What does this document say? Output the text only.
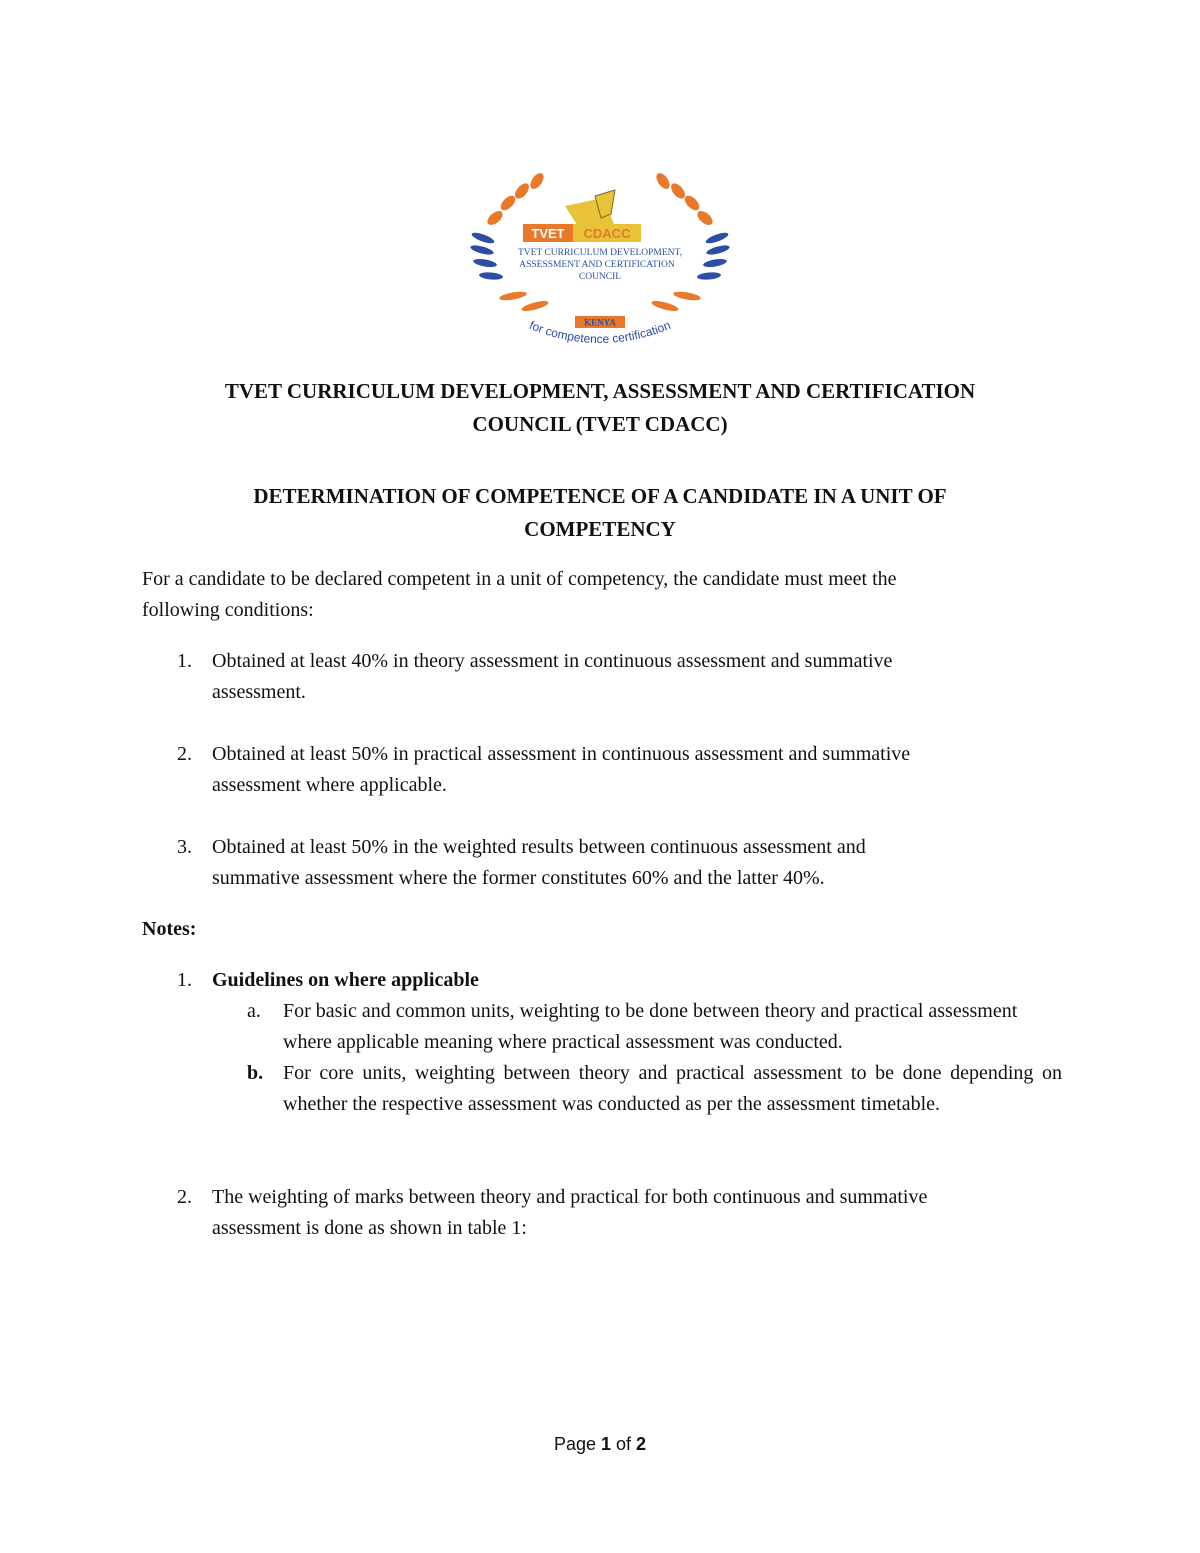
TVET CDACC
TVET CURRICULUM DEVELOPMENT,
ASSESSMENT AND CERTIFICATION
COUNCIL
KENYA
for competence certification
TVET CURRICULUM DEVELOPMENT, ASSESSMENT AND CERTIFICATION
COUNCIL (TVET CDACC)
DETERMINATION OF COMPETENCE OF A CANDIDATE IN A UNIT OF
COMPETENCY

For a candidate to be declared competent in a unit of competency, the candidate must meet the
following conditions:

1. Obtained at least 40% in theory assessment in continuous assessment and summative
assessment.
2. Obtained at least 50% in practical assessment in continuous assessment and summative
assessment where applicable.
3. Obtained at least 50% in the weighted results between continuous assessment and
summative assessment where the former constitutes 60% and the latter 40%.

Notes:

1. Guidelines on where applicable
a. For basic and common units, weighting to be done between theory and practical assessment where applicable meaning where practical assessment was conducted.
b. For core units, weighting between theory and practical assessment to be done depending on whether the respective assessment was conducted as per the assessment timetable.
2. The weighting of marks between theory and practical for both continuous and summative
assessment is done as shown in table 1:
Page 1 of 2
